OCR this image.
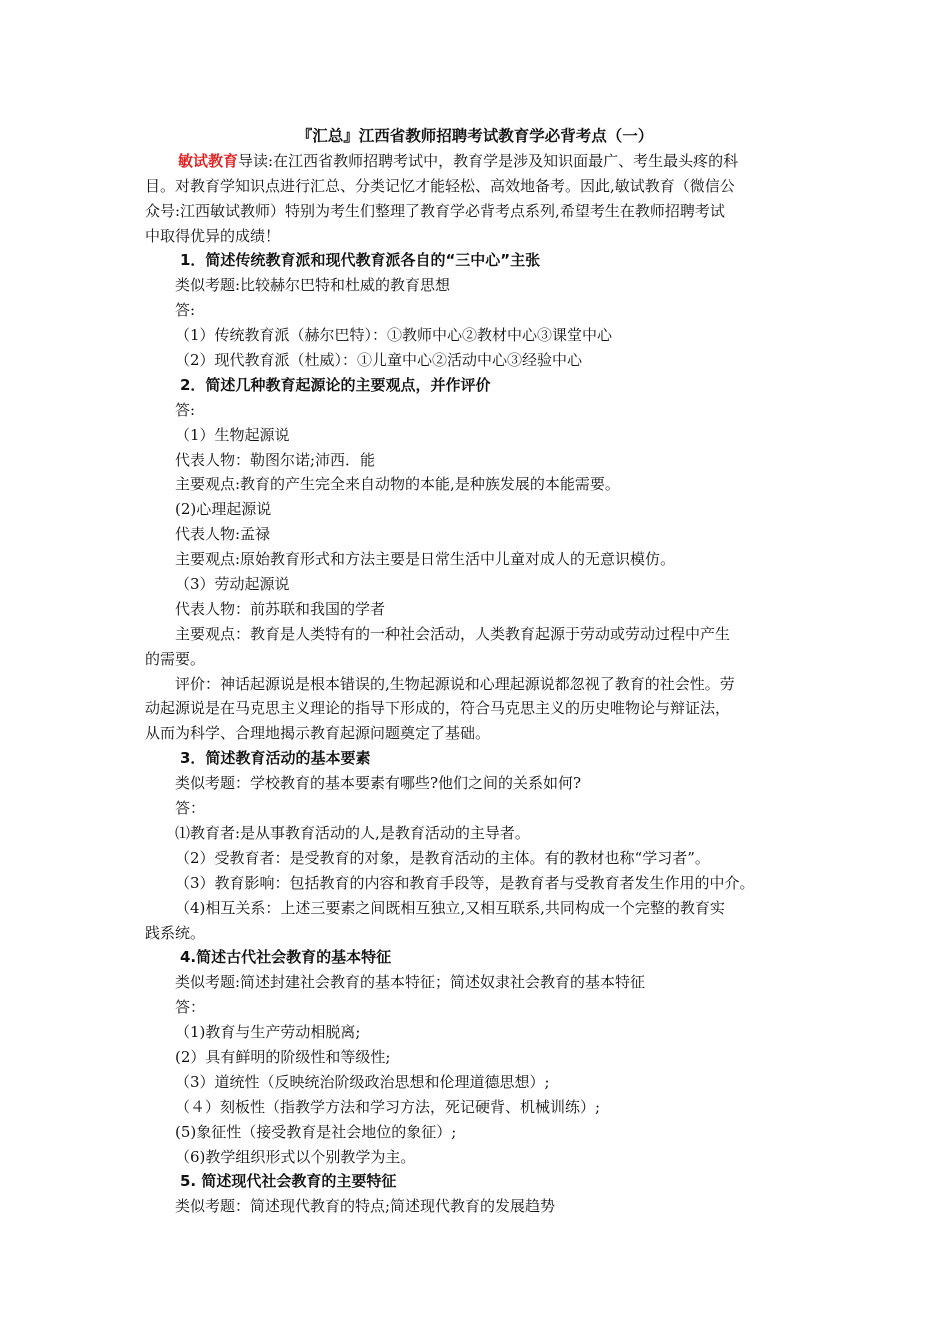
『汇总』江西省教师招聘考试教育学必背考点（一）
敏试教育导读:在江西省教师招聘考试中，教育学是涉及知识面最广、考生最头疼的科
目。对教育学知识点进行汇总、分类记忆才能轻松、高效地备考。因此,敏试教育（微信公
众号:江西敏试教师）特别为考生们整理了教育学必背考点系列,希望考生在教师招聘考试
中取得优异的成绩！
1．简述传统教育派和现代教育派各自的“三中心”主张
类似考题:比较赫尔巴特和杜威的教育思想
答:
（1）传统教育派（赫尔巴特）：①教师中心②教材中心③课堂中心
（2）现代教育派（杜威）：①儿童中心②活动中心③经验中心
2．简述几种教育起源论的主要观点，并作评价
答:
（1）生物起源说
代表人物：勒图尔诺;沛西．能
主要观点:教育的产生完全来自动物的本能,是种族发展的本能需要。
(2)心理起源说
代表人物:孟禄
主要观点:原始教育形式和方法主要是日常生活中儿童对成人的无意识模仿。
（3）劳动起源说
代表人物：前苏联和我国的学者
主要观点：教育是人类特有的一种社会活动，人类教育起源于劳动或劳动过程中产生
的需要。
评价：神话起源说是根本错误的,生物起源说和心理起源说都忽视了教育的社会性。劳
动起源说是在马克思主义理论的指导下形成的，符合马克思主义的历史唯物论与辩证法，
从而为科学、合理地揭示教育起源问题奠定了基础。
3．简述教育活动的基本要素
类似考题：学校教育的基本要素有哪些?他们之间的关系如何?
答：
⑴教育者:是从事教育活动的人,是教育活动的主导者。
（2）受教育者：是受教育的对象，是教育活动的主体。有的教材也称“学习者”。
（3）教育影响：包括教育的内容和教育手段等，是教育者与受教育者发生作用的中介。
（4)相互关系：上述三要素之间既相互独立,又相互联系,共同构成一个完整的教育实
践系统。
4.简述古代社会教育的基本特征
类似考题:简述封建社会教育的基本特征；简述奴隶社会教育的基本特征
答：
（1)教育与生产劳动相脱离;
(2）具有鲜明的阶级性和等级性;
（3）道统性（反映统治阶级政治思想和伦理道德思想）;
（４）刻板性（指教学方法和学习方法，死记硬背、机械训练）;
(5)象征性（接受教育是社会地位的象征）;
（6)教学组织形式以个别教学为主。
5. 简述现代社会教育的主要特征
类似考题：简述现代教育的特点;简述现代教育的发展趋势
